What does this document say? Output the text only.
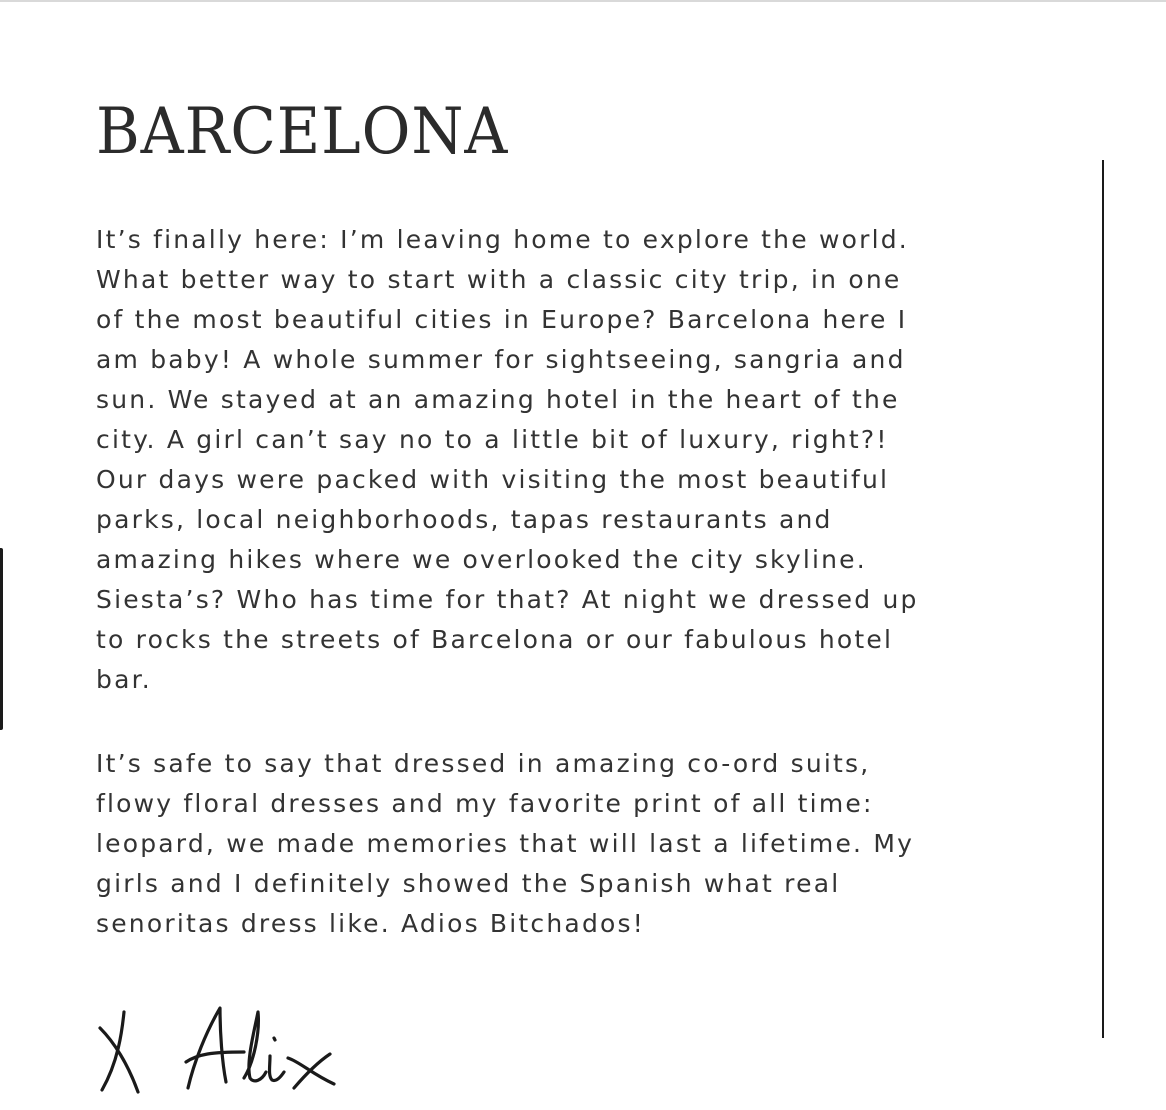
BARCELONA

It’s finally here: I’m leaving home to explore the world.
What better way to start with a classic city trip, in one
of the most beautiful cities in Europe? Barcelona here I
am baby! A whole summer for sightseeing, sangria and
sun. We stayed at an amazing hotel in the heart of the
city. A girl can’t say no to a little bit of luxury, right?!
Our days were packed with visiting the most beautiful
parks, local neighborhoods, tapas restaurants and
amazing hikes where we overlooked the city skyline.
Siesta’s? Who has time for that? At night we dressed up
to rocks the streets of Barcelona or our fabulous hotel
bar.

It’s safe to say that dressed in amazing co-ord suits,
flowy floral dresses and my favorite print of all time:
leopard, we made memories that will last a lifetime. My
girls and I definitely showed the Spanish what real
senoritas dress like. Adios Bitchados!
